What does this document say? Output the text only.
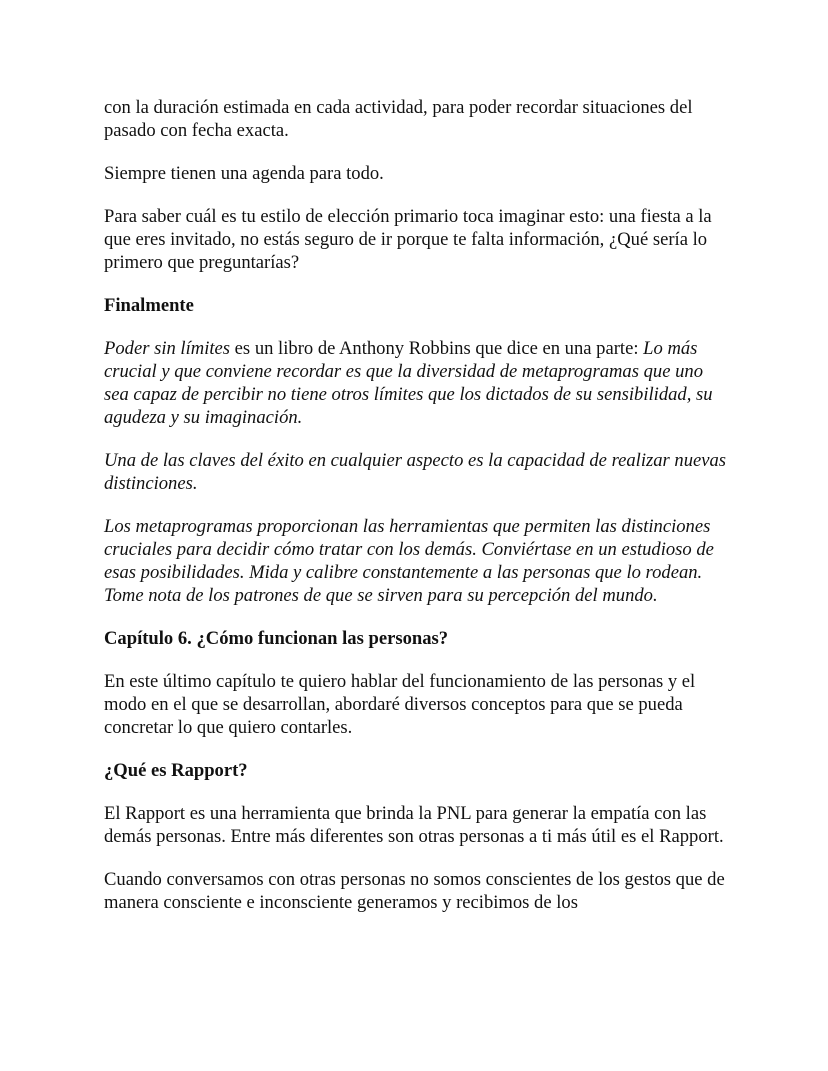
con la duración estimada en cada actividad, para poder recordar situaciones del pasado con fecha exacta.

Siempre tienen una agenda para todo.

Para saber cuál es tu estilo de elección primario toca imaginar esto: una fiesta a la que eres invitado, no estás seguro de ir porque te falta información, ¿Qué sería lo primero que preguntarías?

Finalmente

Poder sin límites es un libro de Anthony Robbins que dice en una parte: Lo más crucial y que conviene recordar es que la diversidad de metaprogramas que uno sea capaz de percibir no tiene otros límites que los dictados de su sensibilidad, su agudeza y su imaginación.

Una de las claves del éxito en cualquier aspecto es la capacidad de realizar nuevas distinciones.

Los metaprogramas proporcionan las herramientas que permiten las distinciones cruciales para decidir cómo tratar con los demás. Conviértase en un estudioso de esas posibilidades. Mida y calibre constantemente a las personas que lo rodean. Tome nota de los patrones de que se sirven para su percepción del mundo.

Capítulo 6. ¿Cómo funcionan las personas?

En este último capítulo te quiero hablar del funcionamiento de las personas y el modo en el que se desarrollan, abordaré diversos conceptos para que se pueda concretar lo que quiero contarles.

¿Qué es Rapport?

El Rapport es una herramienta que brinda la PNL para generar la empatía con las demás personas. Entre más diferentes son otras personas a ti más útil es el Rapport.

Cuando conversamos con otras personas no somos conscientes de los gestos que de manera consciente e inconsciente generamos y recibimos de los
